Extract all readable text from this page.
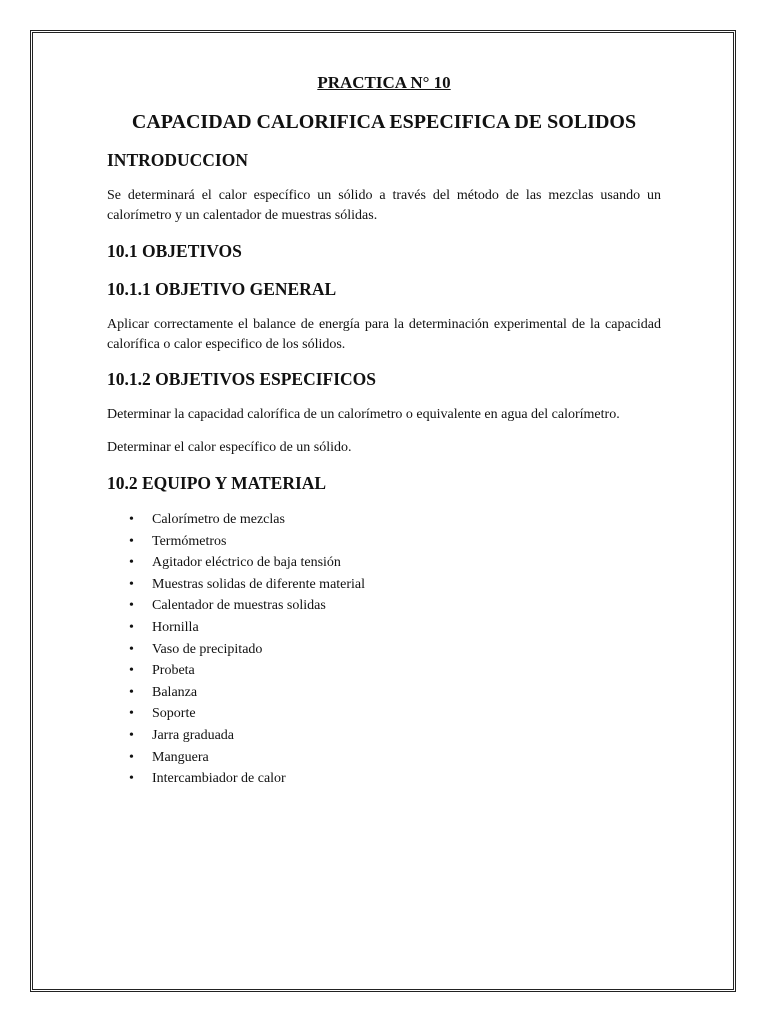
PRACTICA N° 10
CAPACIDAD CALORIFICA ESPECIFICA DE SOLIDOS
INTRODUCCION

Se determinará el calor específico un sólido a través del método de las mezclas usando un calorímetro y un calentador de muestras sólidas.

10.1 OBJETIVOS
10.1.1 OBJETIVO GENERAL

Aplicar correctamente el balance de energía para la determinación experimental de la capacidad calorífica o calor especifico de los sólidos.

10.1.2 OBJETIVOS ESPECIFICOS

Determinar la capacidad calorífica de un calorímetro o equivalente en agua del calorímetro.

Determinar el calor específico de un sólido.

10.2 EQUIPO Y MATERIAL
• Calorímetro de mezclas
• Termómetros
• Agitador eléctrico de baja tensión
• Muestras solidas de diferente material
• Calentador de muestras solidas
• Hornilla
• Vaso de precipitado
• Probeta
• Balanza
• Soporte
• Jarra graduada
• Manguera
• Intercambiador de calor
